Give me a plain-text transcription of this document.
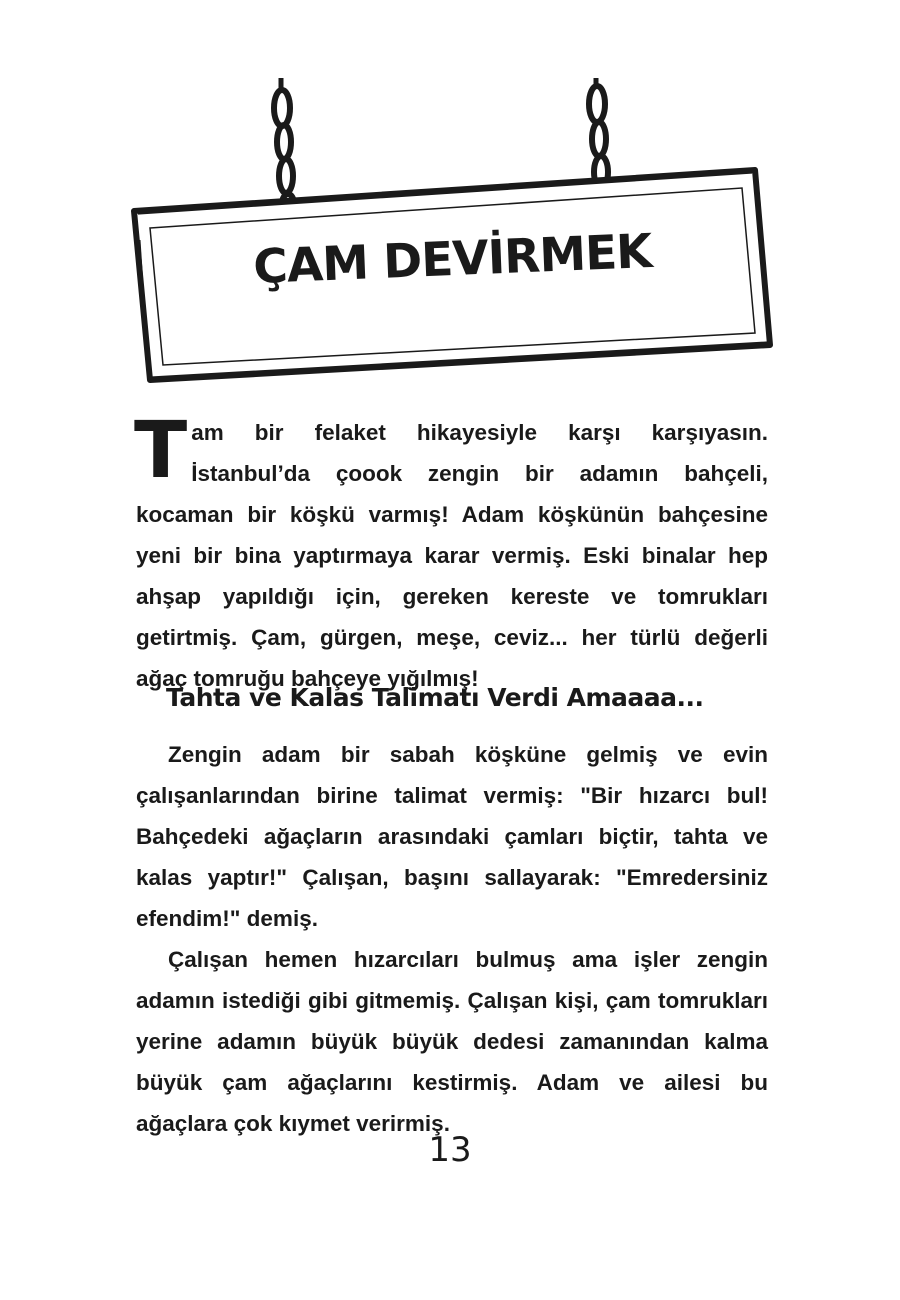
ÇAM DEVİRMEK

Tam bir felaket hikayesiyle karşı karşıyasın. İstanbul’da çoook zengin bir adamın bahçeli, kocaman bir köşkü varmış! Adam köşkünün bahçesine yeni bir bina yaptırmaya karar vermiş. Eski binalar hep ahşap yapıldığı için, gereken kereste ve tomrukları getirtmiş. Çam, gürgen, meşe, ceviz... her türlü değerli ağaç tomruğu bahçeye yığılmış!

Tahta ve Kalas Talimatı Verdi Amaaaa...

Zengin adam bir sabah köşküne gelmiş ve evin çalışanlarından birine talimat vermiş: "Bir hızarcı bul! Bahçedeki ağaçların arasındaki çamları biçtir, tahta ve kalas yaptır!" Çalışan, başını sallayarak: "Emredersiniz efendim!" demiş.

Çalışan hemen hızarcıları bulmuş ama işler zengin adamın istediği gibi gitmemiş. Çalışan kişi, çam tomrukları yerine adamın büyük büyük dedesi zamanından kalma büyük çam ağaçlarını kestirmiş. Adam ve ailesi bu ağaçlara çok kıymet verirmiş.

13
